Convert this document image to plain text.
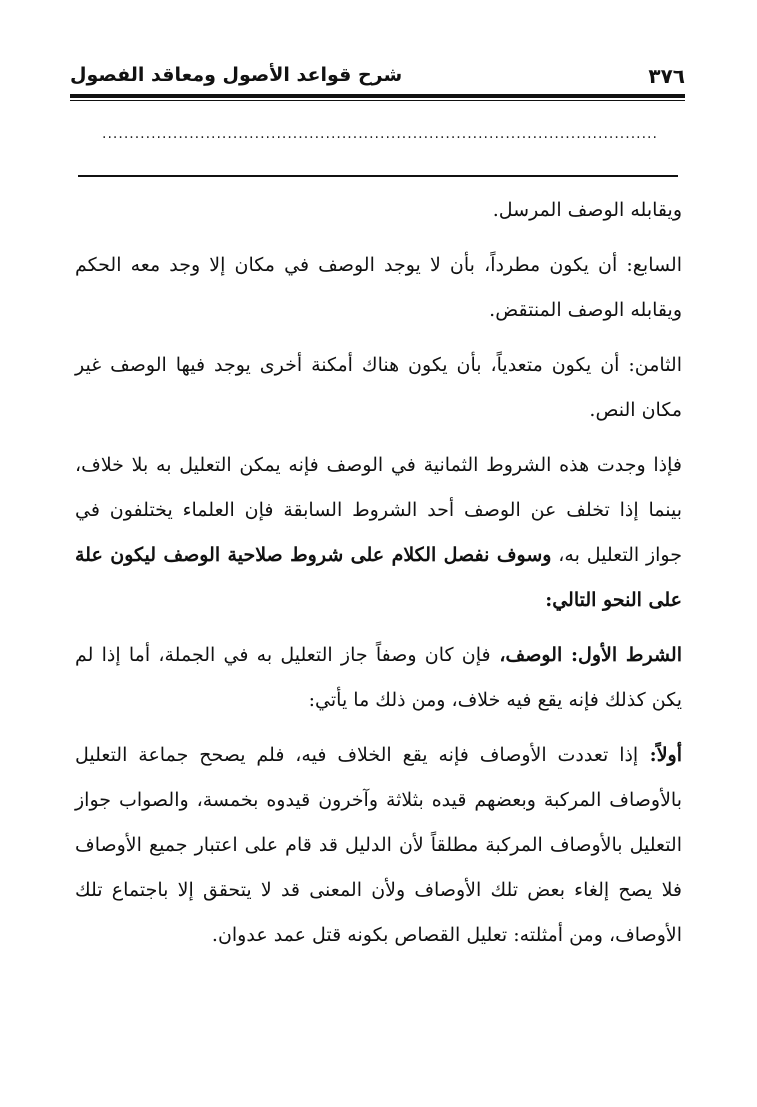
٣٧٦
شرح قواعد الأصول ومعاقد الفصول
......................................................................................................

ويقابله الوصف المرسل.

السابع: أن يكون مطرداً، بأن لا يوجد الوصف في مكان إلا وجد معه الحكم ويقابله الوصف المنتقض.

الثامن: أن يكون متعدياً، بأن يكون هناك أمكنة أخرى يوجد فيها الوصف غير مكان النص.

فإذا وجدت هذه الشروط الثمانية في الوصف فإنه يمكن التعليل به بلا خلاف، بينما إذا تخلف عن الوصف أحد الشروط السابقة فإن العلماء يختلفون في جواز التعليل به، وسوف نفصل الكلام على شروط صلاحية الوصف ليكون علة على النحو التالي:

الشرط الأول: الوصف، فإن كان وصفاً جاز التعليل به في الجملة، أما إذا لم يكن كذلك فإنه يقع فيه خلاف، ومن ذلك ما يأتي:

أولاً: إذا تعددت الأوصاف فإنه يقع الخلاف فيه، فلم يصحح جماعة التعليل بالأوصاف المركبة وبعضهم قيده بثلاثة وآخرون قيدوه بخمسة، والصواب جواز التعليل بالأوصاف المركبة مطلقاً لأن الدليل قد قام على اعتبار جميع الأوصاف فلا يصح إلغاء بعض تلك الأوصاف ولأن المعنى قد لا يتحقق إلا باجتماع تلك الأوصاف، ومن أمثلته: تعليل القصاص بكونه قتل عمد عدوان.
